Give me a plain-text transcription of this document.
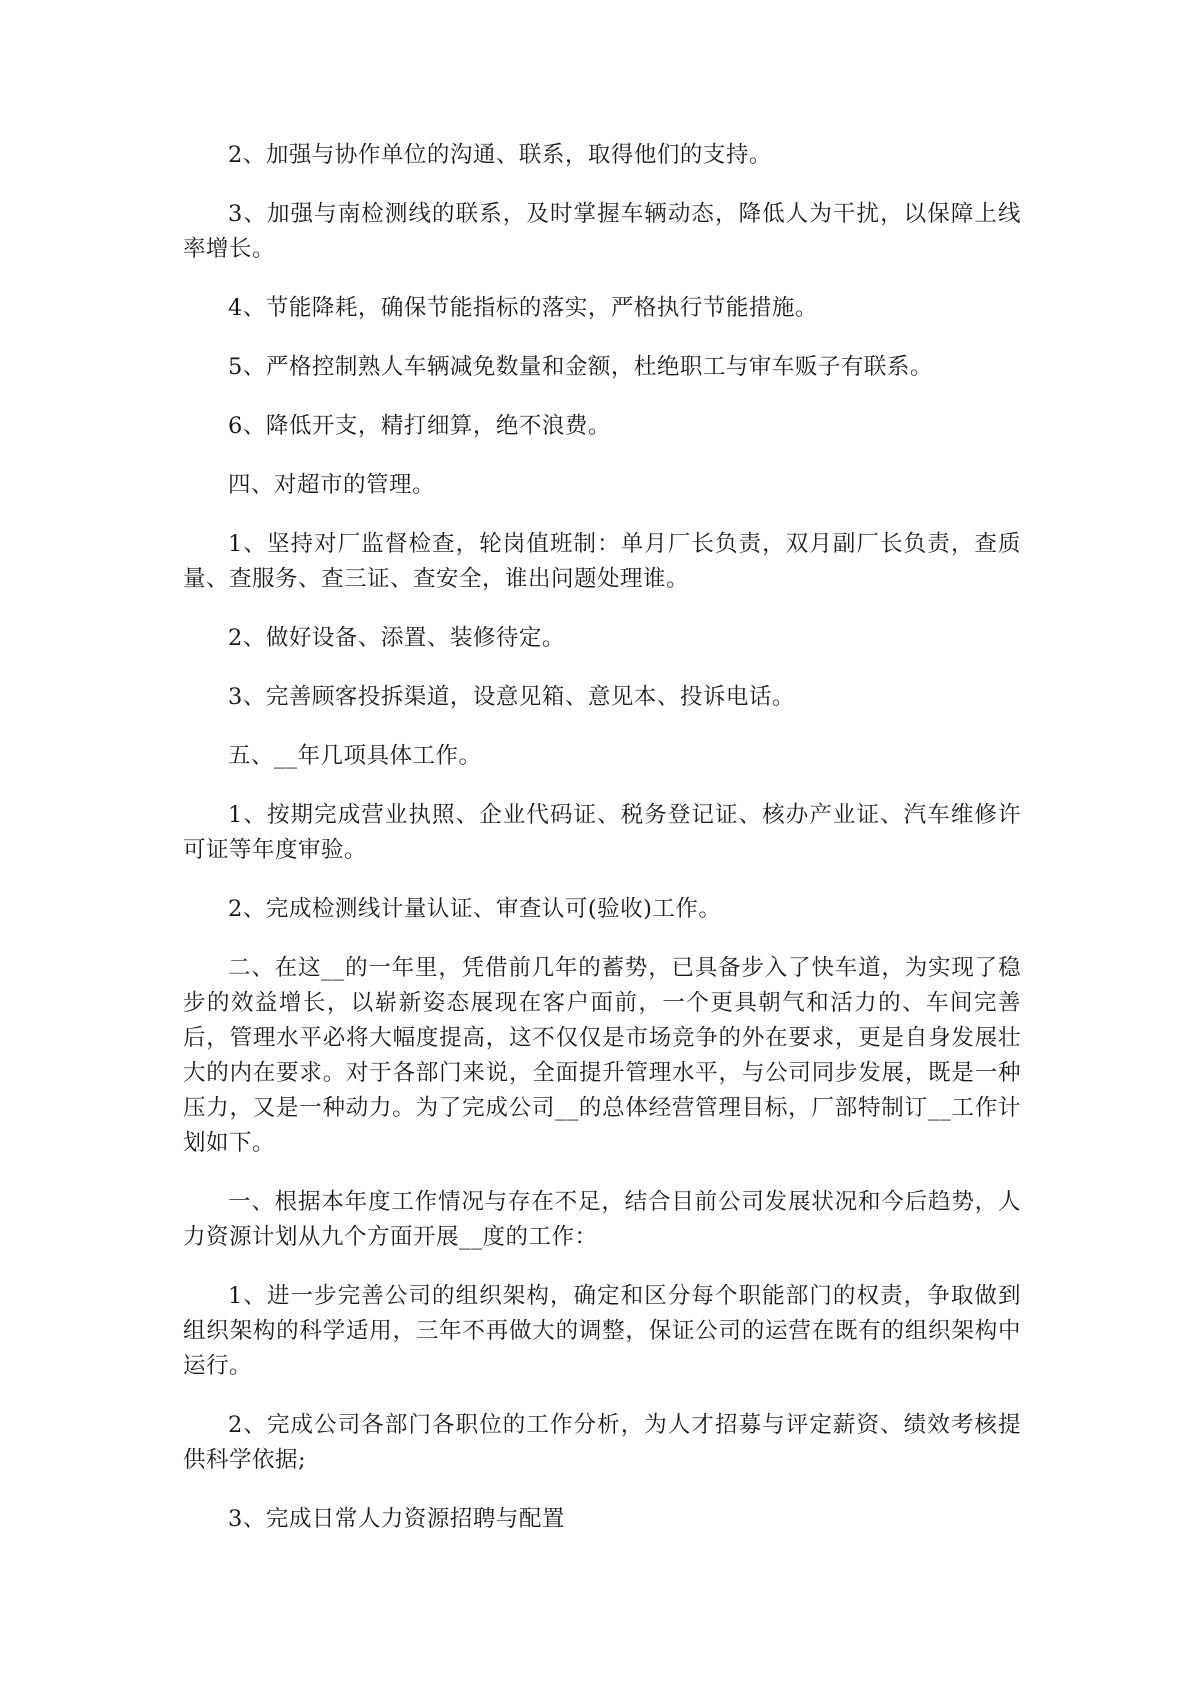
2、加强与协作单位的沟通、联系，取得他们的支持。

3、加强与南检测线的联系，及时掌握车辆动态，降低人为干扰，以保障上线率增长。

4、节能降耗，确保节能指标的落实，严格执行节能措施。

5、严格控制熟人车辆减免数量和金额，杜绝职工与审车贩子有联系。

6、降低开支，精打细算，绝不浪费。

四、对超市的管理。

1、坚持对厂监督检查，轮岗值班制：单月厂长负责，双月副厂长负责，查质量、查服务、查三证、查安全，谁出问题处理谁。

2、做好设备、添置、装修待定。

3、完善顾客投拆渠道，设意见箱、意见本、投诉电话。

五、__年几项具体工作。

1、按期完成营业执照、企业代码证、税务登记证、核办产业证、汽车维修许可证等年度审验。

2、完成检测线计量认证、审查认可(验收)工作。

二、在这__的一年里，凭借前几年的蓄势，已具备步入了快车道，为实现了稳步的效益增长，以崭新姿态展现在客户面前，一个更具朝气和活力的、车间完善后，管理水平必将大幅度提高，这不仅仅是市场竞争的外在要求，更是自身发展壮大的内在要求。对于各部门来说，全面提升管理水平，与公司同步发展，既是一种压力，又是一种动力。为了完成公司__的总体经营管理目标，厂部特制订__工作计划如下。

一、根据本年度工作情况与存在不足，结合目前公司发展状况和今后趋势，人力资源计划从九个方面开展__度的工作：

1、进一步完善公司的组织架构，确定和区分每个职能部门的权责，争取做到组织架构的科学适用，三年不再做大的调整，保证公司的运营在既有的组织架构中运行。

2、完成公司各部门各职位的工作分析，为人才招募与评定薪资、绩效考核提供科学依据;

3、完成日常人力资源招聘与配置
